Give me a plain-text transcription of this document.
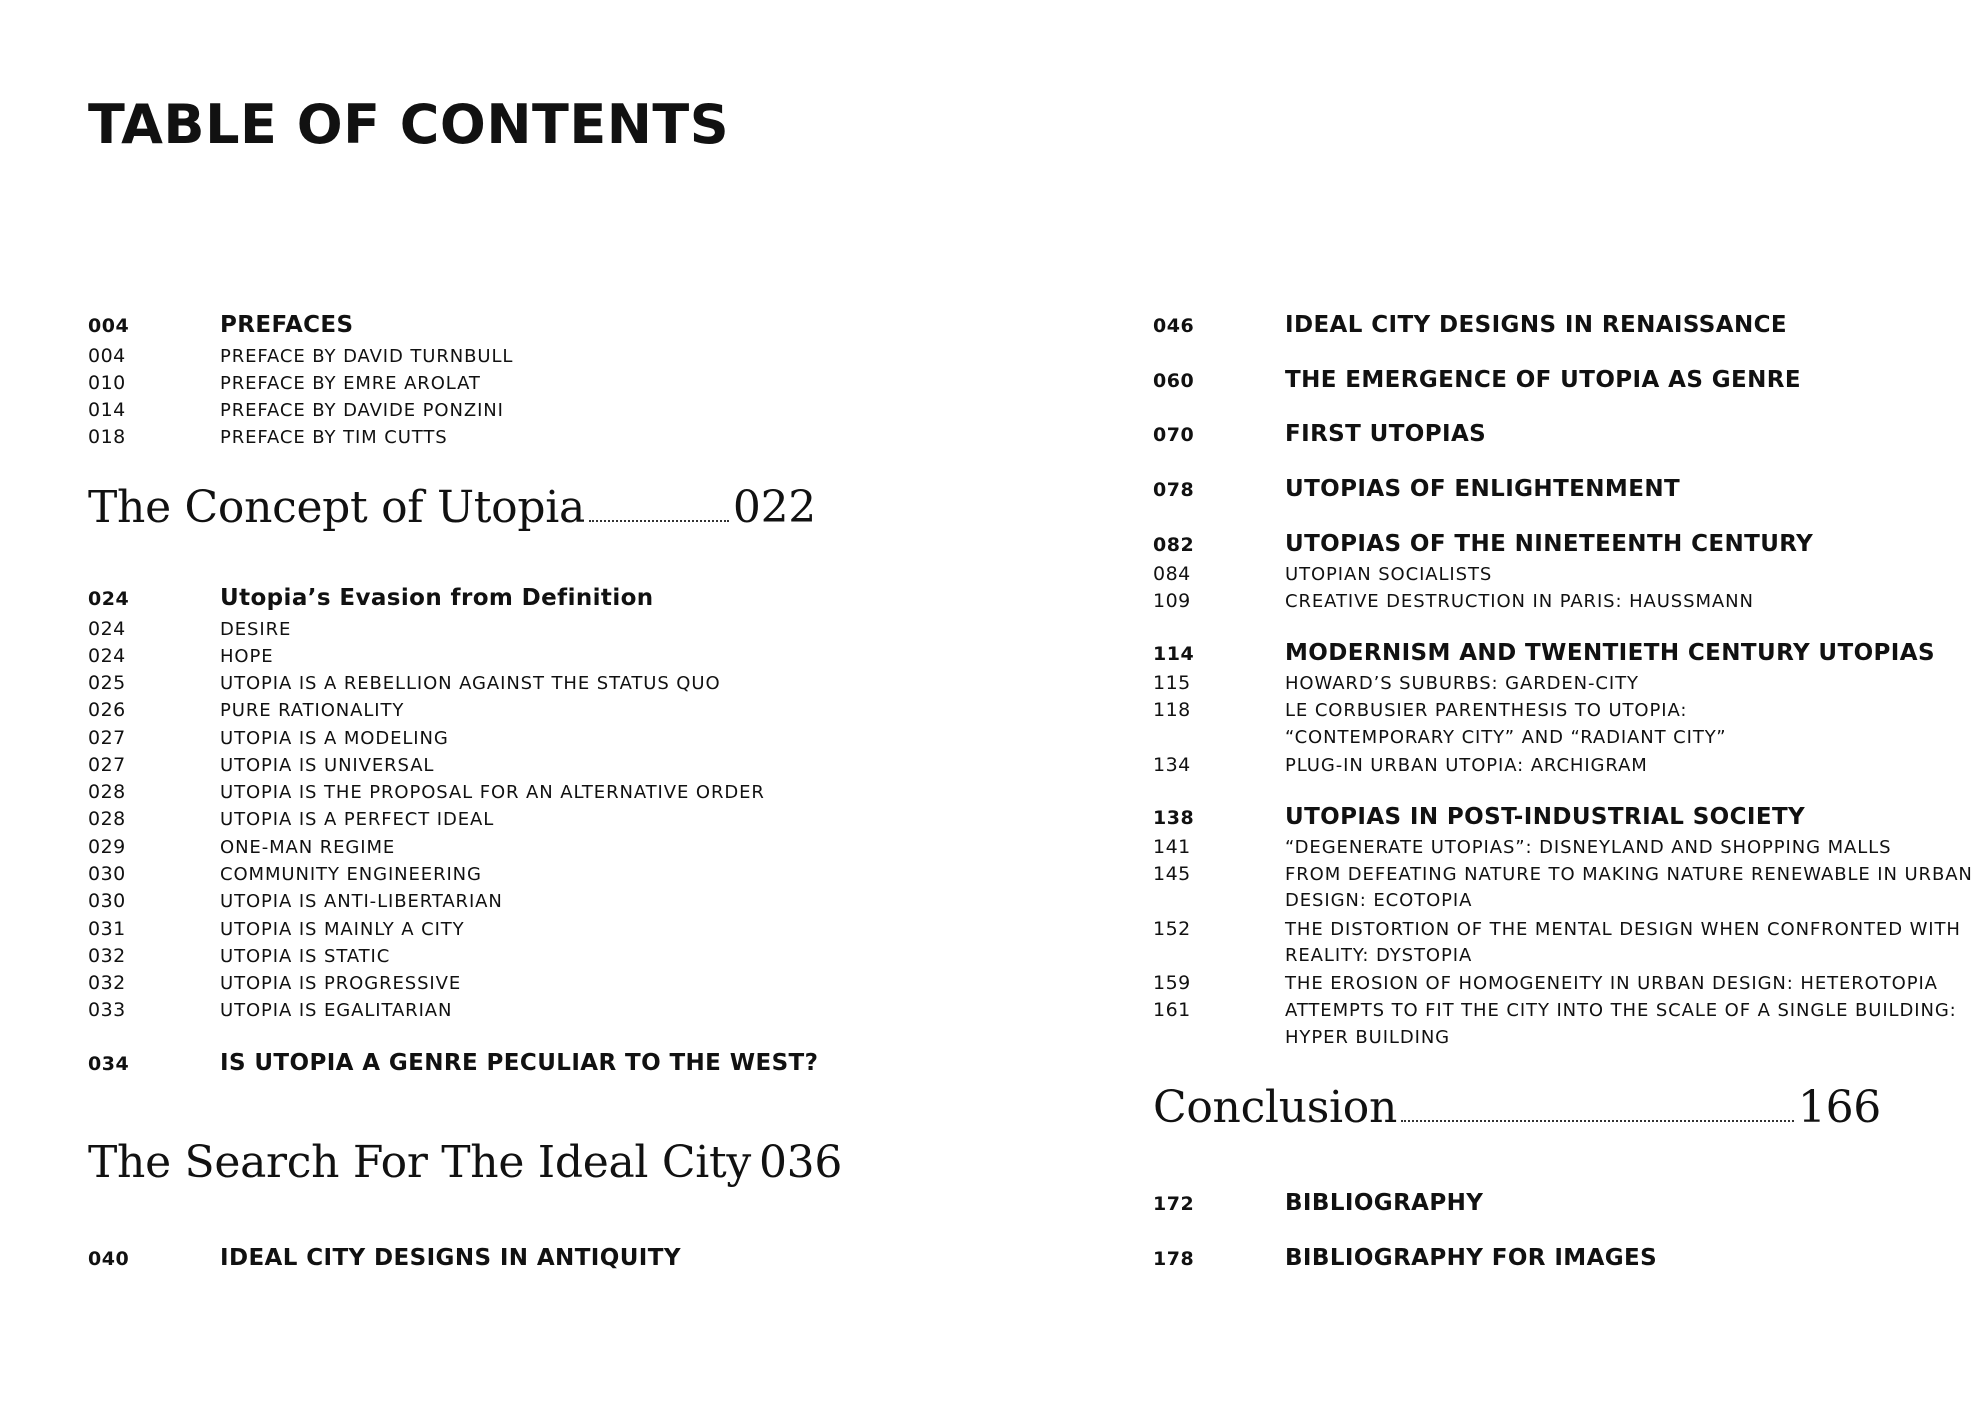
TABLE OF CONTENTS
004	PREFACES
004	PREFACE BY DAVID TURNBULL
010	PREFACE BY EMRE AROLAT
014	PREFACE BY DAVIDE PONZINI
018	PREFACE BY TIM CUTTS
The Concept of Utopia	022
024	Utopia’s Evasion from Definition
024	DESIRE
024	HOPE
025	UTOPIA IS A REBELLION AGAINST THE STATUS QUO
026	PURE RATIONALITY
027	UTOPIA IS A MODELING
027	UTOPIA IS UNIVERSAL
028	UTOPIA IS THE PROPOSAL FOR AN ALTERNATIVE ORDER
028	UTOPIA IS A PERFECT IDEAL
029	ONE-MAN REGIME
030	COMMUNITY ENGINEERING
030	UTOPIA IS ANTI-LIBERTARIAN
031	UTOPIA IS MAINLY A CITY
032	UTOPIA IS STATIC
032	UTOPIA IS PROGRESSIVE
033	UTOPIA IS EGALITARIAN
034	IS UTOPIA A GENRE PECULIAR TO THE WEST?
The Search For The Ideal City 036
040	IDEAL CITY DESIGNS IN ANTIQUITY
046	IDEAL CITY DESIGNS IN RENAISSANCE
060	THE EMERGENCE OF UTOPIA AS GENRE
070	FIRST UTOPIAS
078	UTOPIAS OF ENLIGHTENMENT
082	UTOPIAS OF THE NINETEENTH CENTURY
084	UTOPIAN SOCIALISTS
109	CREATIVE DESTRUCTION IN PARIS: HAUSSMANN
114	MODERNISM AND TWENTIETH CENTURY UTOPIAS
115	HOWARD’S SUBURBS: GARDEN-CITY
118	LE CORBUSIER PARENTHESIS TO UTOPIA:
“CONTEMPORARY CITY” AND “RADIANT CITY”
134	PLUG-IN URBAN UTOPIA: ARCHIGRAM
138	UTOPIAS IN POST-INDUSTRIAL SOCIETY
141	“DEGENERATE UTOPIAS”: DISNEYLAND AND SHOPPING MALLS
145	FROM DEFEATING NATURE TO MAKING NATURE RENEWABLE IN URBAN
DESIGN: ECOTOPIA
152	THE DISTORTION OF THE MENTAL DESIGN WHEN CONFRONTED WITH
REALITY: DYSTOPIA
159	THE EROSION OF HOMOGENEITY IN URBAN DESIGN: HETEROTOPIA
161	ATTEMPTS TO FIT THE CITY INTO THE SCALE OF A SINGLE BUILDING:
HYPER BUILDING
Conclusion	166
172	BIBLIOGRAPHY
178	BIBLIOGRAPHY FOR IMAGES
